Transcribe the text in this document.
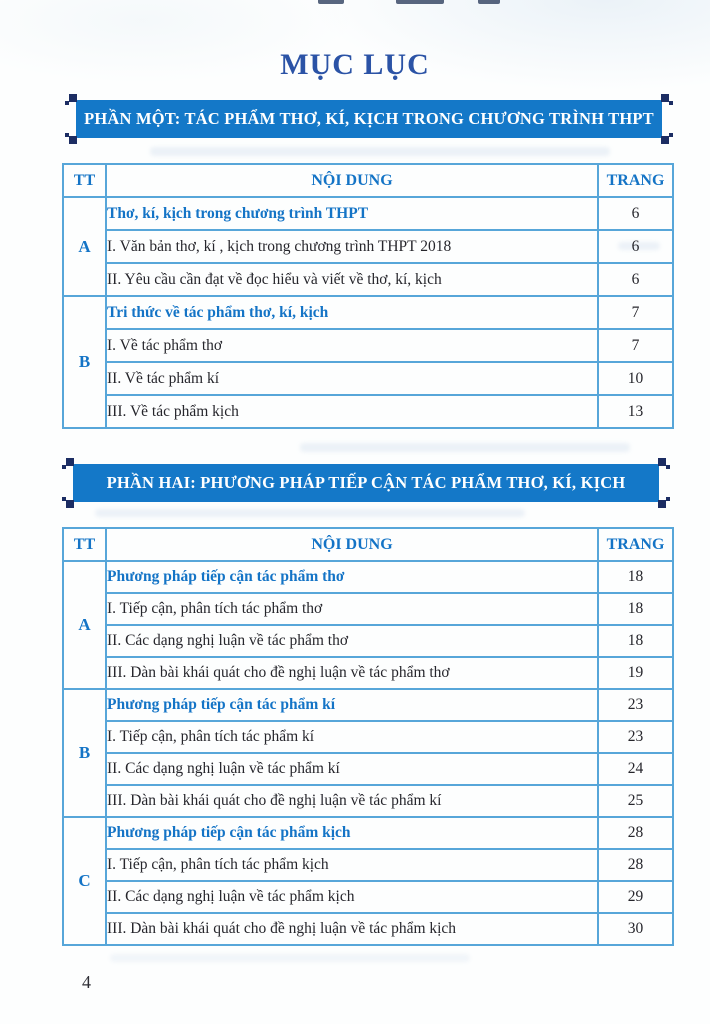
MỤC LỤC
PHẦN MỘT: TÁC PHẨM THƠ, KÍ, KỊCH TRONG CHƯƠNG TRÌNH THPT
TT	NỘI DUNG	TRANG
A	Thơ, kí, kịch trong chương trình THPT	6
	I. Văn bản thơ, kí , kịch trong chương trình THPT 2018	6
	II. Yêu cầu cần đạt về đọc hiểu và viết về thơ, kí, kịch	6
B	Tri thức về tác phẩm thơ, kí, kịch	7
	I. Về tác phẩm thơ	7
	II. Về tác phẩm kí	10
	III. Về tác phẩm kịch	13
PHẦN HAI: PHƯƠNG PHÁP TIẾP CẬN TÁC PHẨM THƠ, KÍ, KỊCH
TT	NỘI DUNG	TRANG
A	Phương pháp tiếp cận tác phẩm thơ	18
	I. Tiếp cận, phân tích tác phẩm thơ	18
	II. Các dạng nghị luận về tác phẩm thơ	18
	III. Dàn bài khái quát cho đề nghị luận về tác phẩm thơ	19
B	Phương pháp tiếp cận tác phẩm kí	23
	I. Tiếp cận, phân tích tác phẩm kí	23
	II. Các dạng nghị luận về tác phẩm kí	24
	III. Dàn bài khái quát cho đề nghị luận về tác phẩm kí	25
C	Phương pháp tiếp cận tác phẩm kịch	28
	I. Tiếp cận, phân tích tác phẩm kịch	28
	II. Các dạng nghị luận về tác phẩm kịch	29
	III. Dàn bài khái quát cho đề nghị luận về tác phẩm kịch	30
4
